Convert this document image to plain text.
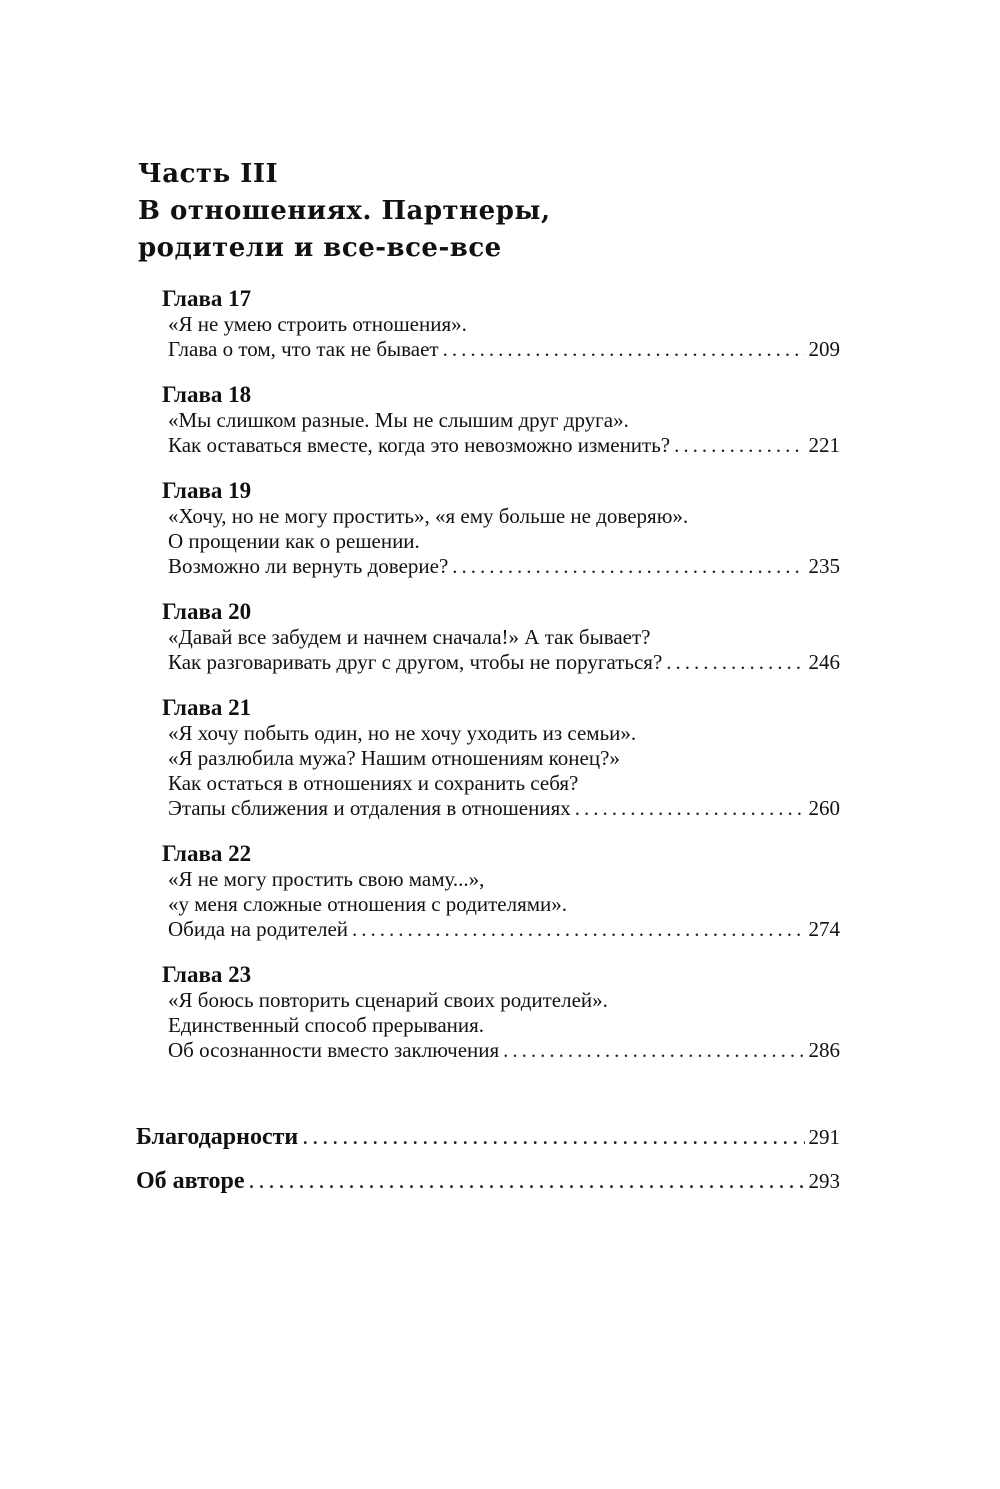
Часть III
В отношениях. Партнеры,
родители и все-все-все
Глава 17
«Я не умею строить отношения».
Глава о том, что так не бывает .....	209
Глава 18
«Мы слишком разные. Мы не слышим друг друга».
Как оставаться вместе, когда это невозможно изменить? .....	221
Глава 19
«Хочу, но не могу простить», «я ему больше не доверяю».
О прощении как о решении.
Возможно ли вернуть доверие? .....	235
Глава 20
«Давай все забудем и начнем сначала!» А так бывает?
Как разговаривать друг с другом, чтобы не поругаться? .....	246
Глава 21
«Я хочу побыть один, но не хочу уходить из семьи».
«Я разлюбила мужа? Нашим отношениям конец?»
Как остаться в отношениях и сохранить себя?
Этапы сближения и отдаления в отношениях .....	260
Глава 22
«Я не могу простить свою маму...»,
«у меня сложные отношения с родителями».
Обида на родителей .....	274
Глава 23
«Я боюсь повторить сценарий своих родителей».
Единственный способ прерывания.
Об осознанности вместо заключения .....	286
Благодарности .....	291
Об авторе .....	293
